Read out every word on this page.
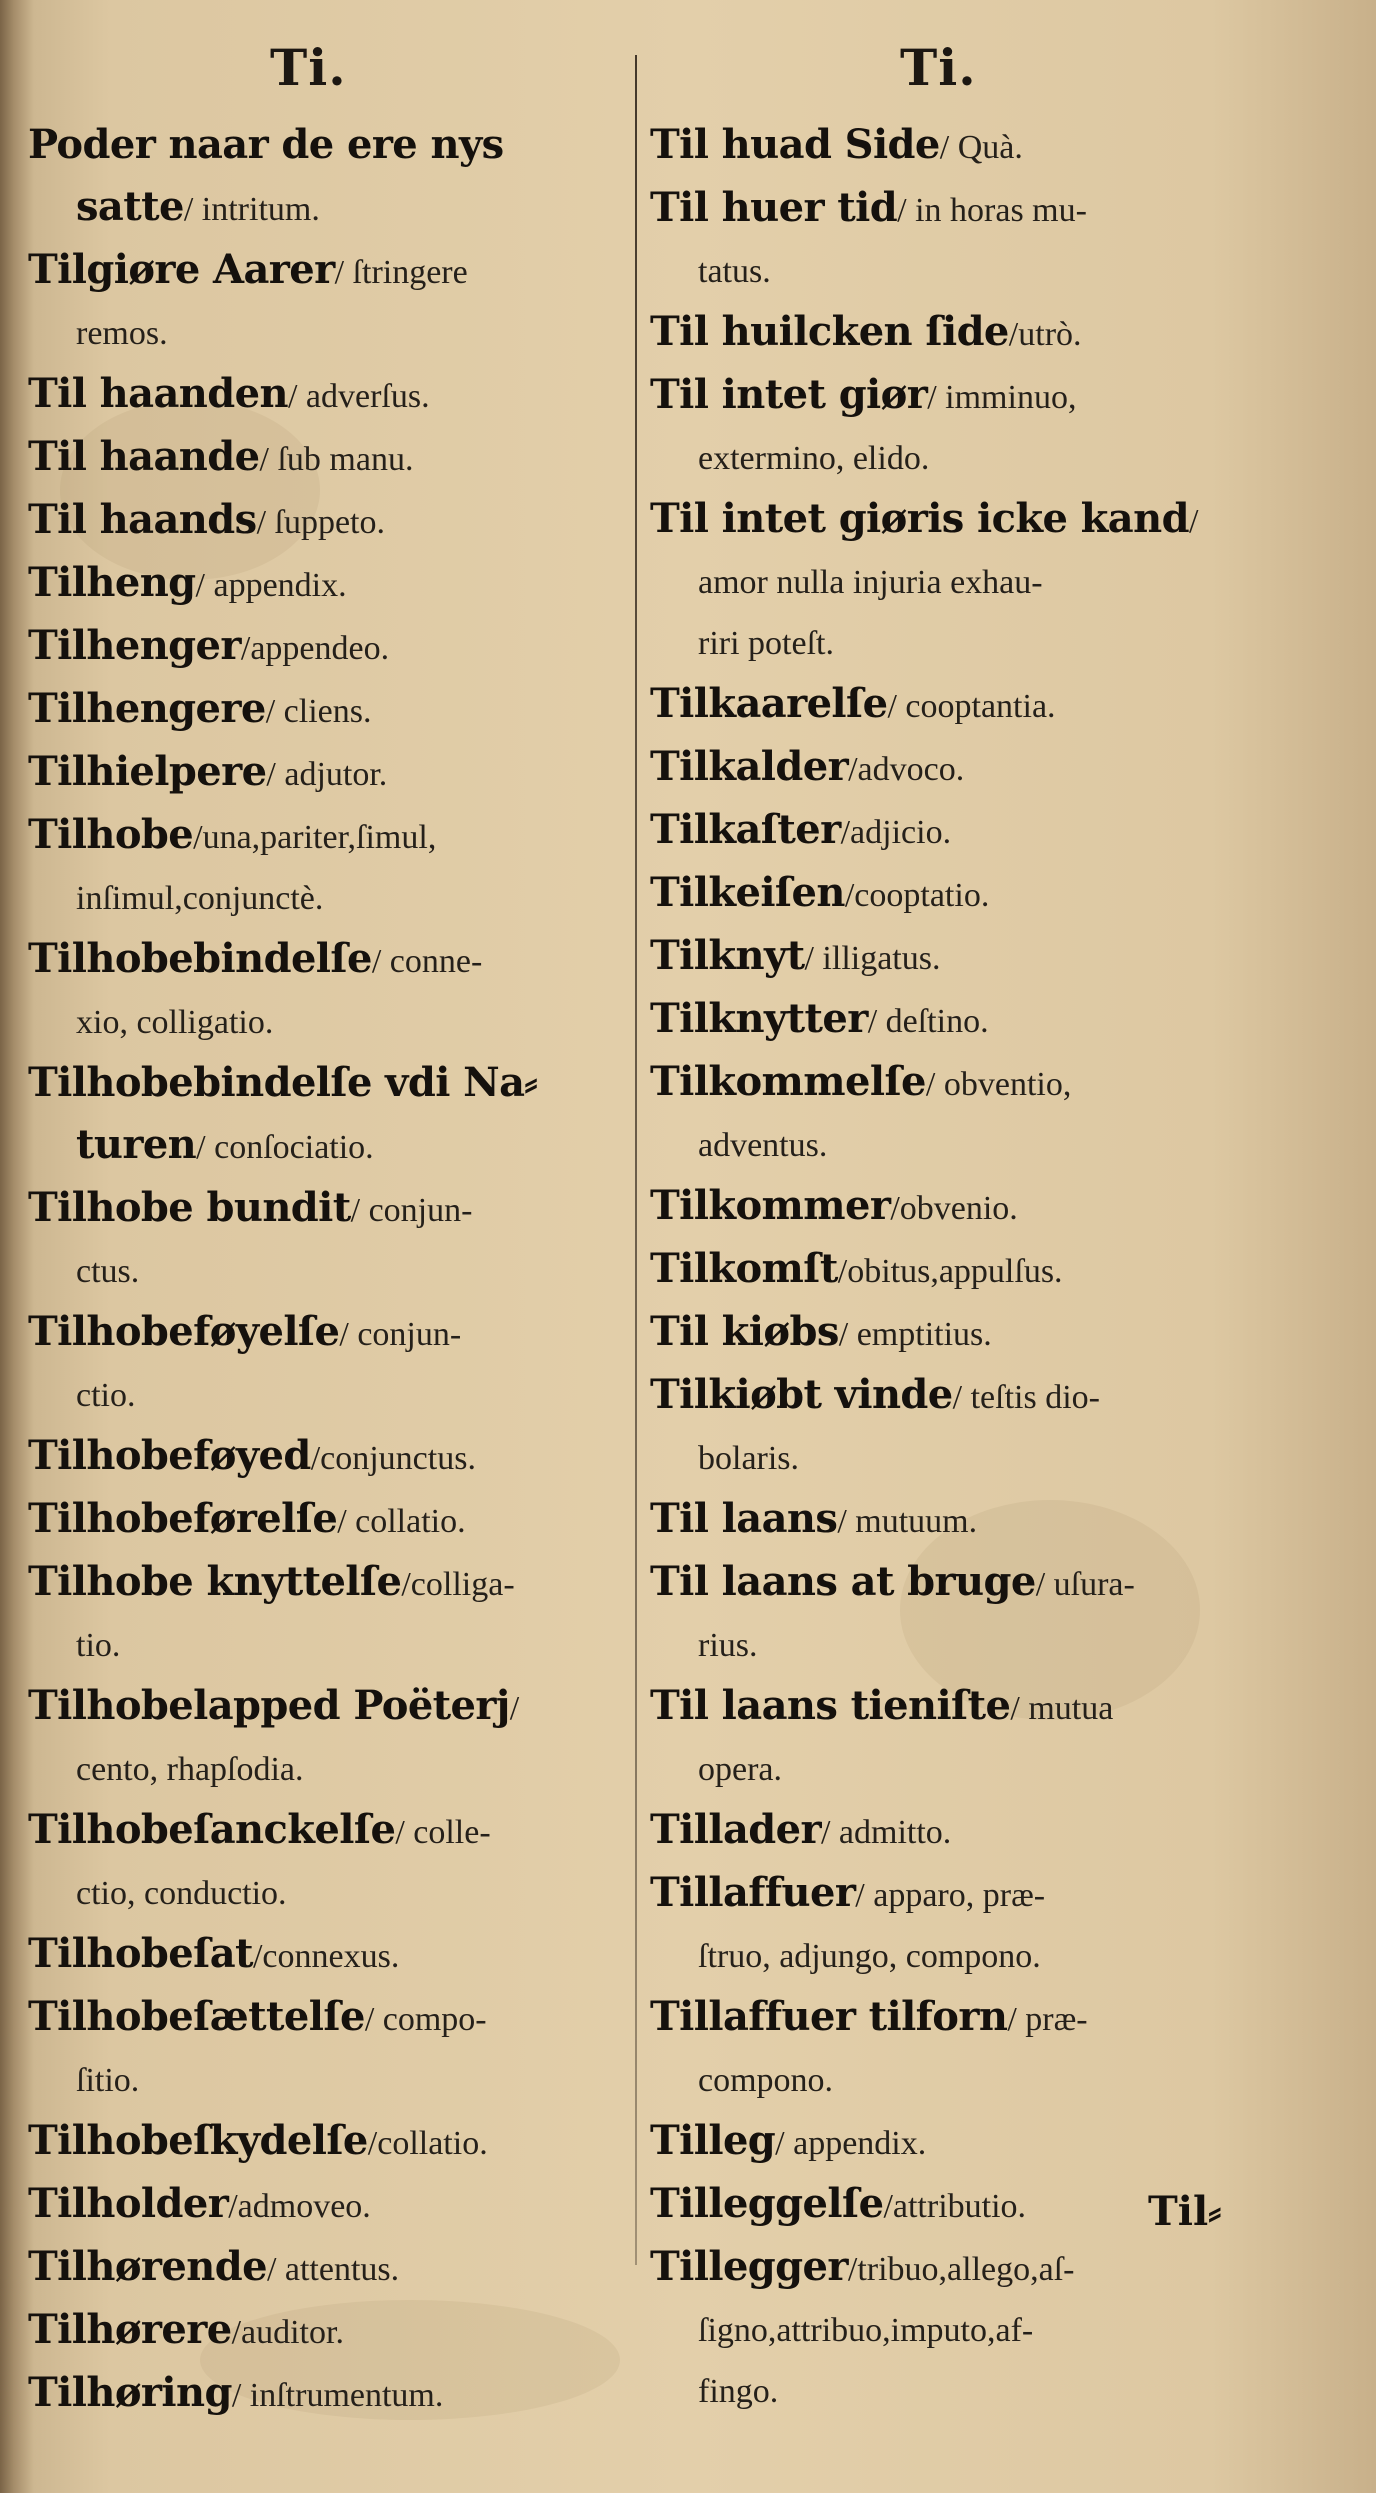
Ti.	Ti.
Poder naar de ere nys
satte/ intritum.
Tilgiøre Aarer/ ſtringere
remos.
Til haanden/ adverſus.
Til haande/ ſub manu.
Til haands/ ſuppeto.
Tilheng/ appendix.
Tilhenger/appendeo.
Tilhengere/ cliens.
Tilhielpere/ adjutor.
Tilhobe/una,pariter,ſimul,
inſimul,conjunctè.
Tilhobebindelſe/ conne-
xio, colligatio.
Tilhobebindelſe vdi Na⸗
turen/ conſociatio.
Tilhobe bundit/ conjun-
ctus.
Tilhobeføyelſe/ conjun-
ctio.
Tilhobeføyed/conjunctus.
Tilhobeførelſe/ collatio.
Tilhobe knyttelſe/colliga-
tio.
Tilhobelapped Poëterj/
cento, rhapſodia.
Tilhobeſanckelſe/ colle-
ctio, conductio.
Tilhobeſat/connexus.
Tilhobeſættelſe/ compo-
ſitio.
Tilhobeſkydelſe/collatio.
Tilholder/admoveo.
Tilhørende/ attentus.
Tilhørere/auditor.
Tilhøring/ inſtrumentum.
Til huad Side/ Quà.
Til huer tid/ in horas mu-
tatus.
Til huilcken ſide/utrò.
Til intet giør/ imminuo,
extermino, elido.
Til intet giøris icke kand/
amor nulla injuria exhau-
riri poteſt.
Tilkaarelſe/ cooptantia.
Tilkalder/advoco.
Tilkaſter/adjicio.
Tilkeiſen/cooptatio.
Tilknyt/ illigatus.
Tilknytter/ deſtino.
Tilkommelſe/ obventio,
adventus.
Tilkommer/obvenio.
Tilkomſt/obitus,appulſus.
Til kiøbs/ emptitius.
Tilkiøbt vinde/ teſtis dio-
bolaris.
Til laans/ mutuum.
Til laans at bruge/ uſura-
rius.
Til laans tieniſte/ mutua
opera.
Tillader/ admitto.
Tillaffuer/ apparo, præ-
ſtruo, adjungo, compono.
Tillaffuer tilforn/ præ-
compono.
Tilleg/ appendix.
Tilleggelſe/attributio.
Tillegger/tribuo,allego,aſ-
ſigno,attribuo,imputo,af-
fingo.
Til⸗
